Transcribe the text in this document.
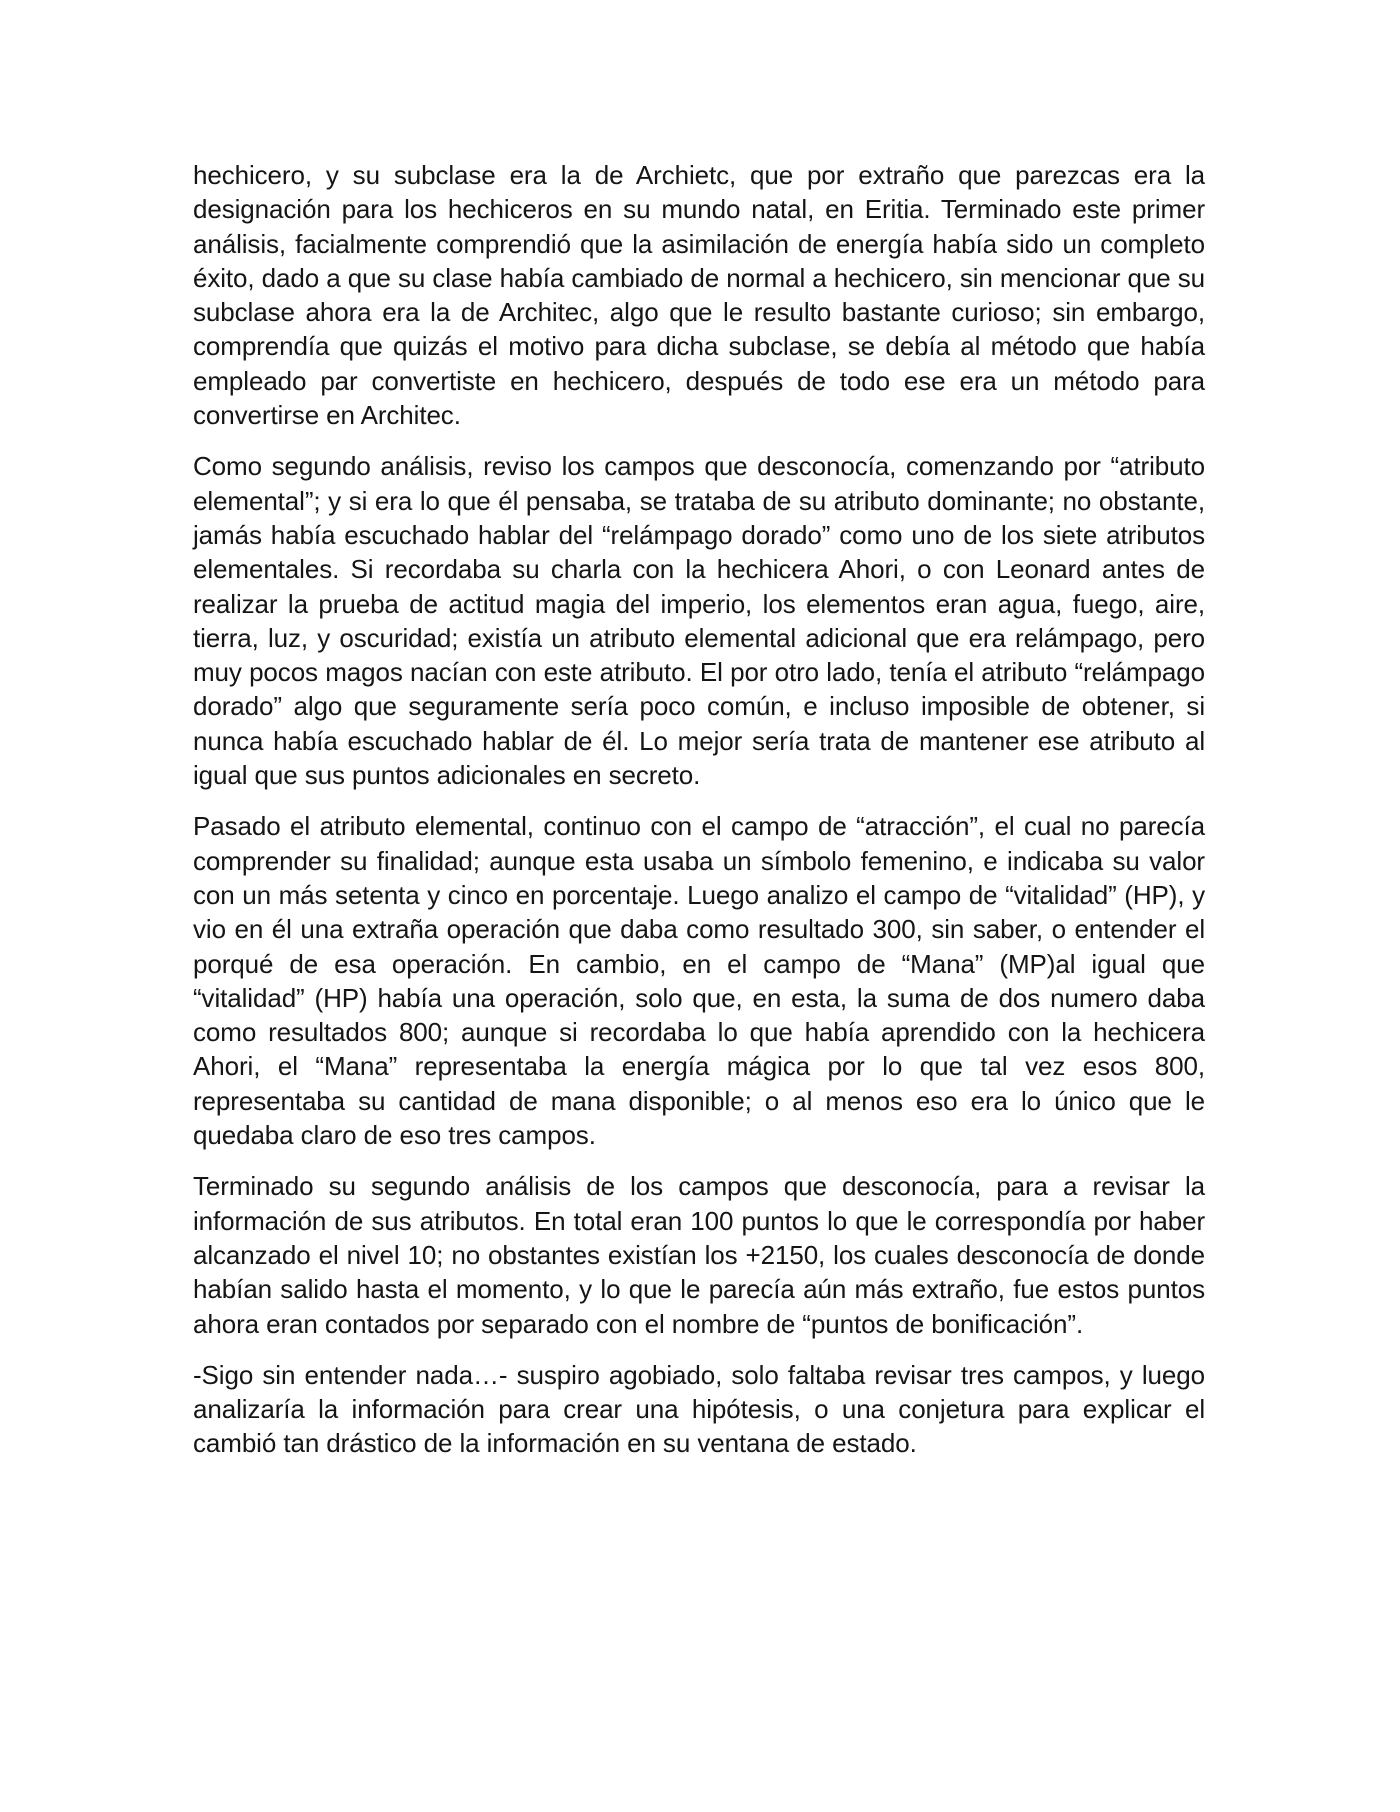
hechicero, y su subclase era la de Archietc, que por extraño que parezcas era la designación para los hechiceros en su mundo natal, en Eritia. Terminado este primer análisis, facialmente comprendió que la asimilación de energía había sido un completo éxito, dado a que su clase había cambiado de normal a hechicero, sin mencionar que su subclase ahora era la de Architec, algo que le resulto bastante curioso; sin embargo, comprendía que quizás el motivo para dicha subclase, se debía al método que había empleado par convertiste en hechicero, después de todo ese era un método para convertirse en Architec.

Como segundo análisis, reviso los campos que desconocía, comenzando por “atributo elemental”; y si era lo que él pensaba, se trataba de su atributo dominante; no obstante, jamás había escuchado hablar del “relámpago dorado” como uno de los siete atributos elementales. Si recordaba su charla con la hechicera Ahori, o con Leonard antes de realizar la prueba de actitud magia del imperio, los elementos eran agua, fuego, aire, tierra, luz, y oscuridad; existía un atributo elemental adicional que era relámpago, pero muy pocos magos nacían con este atributo. El por otro lado, tenía el atributo “relámpago dorado” algo que seguramente sería poco común, e incluso imposible de obtener, si nunca había escuchado hablar de él. Lo mejor sería trata de mantener ese atributo al igual que sus puntos adicionales en secreto.

Pasado el atributo elemental, continuo con el campo de “atracción”, el cual no parecía comprender su finalidad; aunque esta usaba un símbolo femenino, e indicaba su valor con un más setenta y cinco en porcentaje. Luego analizo el campo de “vitalidad” (HP), y vio en él una extraña operación que daba como resultado 300, sin saber, o entender el porqué de esa operación. En cambio, en el campo de “Mana” (MP)al igual que “vitalidad” (HP) había una operación, solo que, en esta, la suma de dos numero daba como resultados 800; aunque si recordaba lo que había aprendido con la hechicera Ahori, el “Mana” representaba la energía mágica por lo que tal vez esos 800, representaba su cantidad de mana disponible; o al menos eso era lo único que le quedaba claro de eso tres campos.

Terminado su segundo análisis de los campos que desconocía, para a revisar la información de sus atributos. En total eran 100 puntos lo que le correspondía por haber alcanzado el nivel 10; no obstantes existían los +2150, los cuales desconocía de donde habían salido hasta el momento, y lo que le parecía aún más extraño, fue estos puntos ahora eran contados por separado con el nombre de “puntos de bonificación”.

-Sigo sin entender nada…- suspiro agobiado, solo faltaba revisar tres campos, y luego analizaría la información para crear una hipótesis, o una conjetura para explicar el cambió tan drástico de la información en su ventana de estado.
